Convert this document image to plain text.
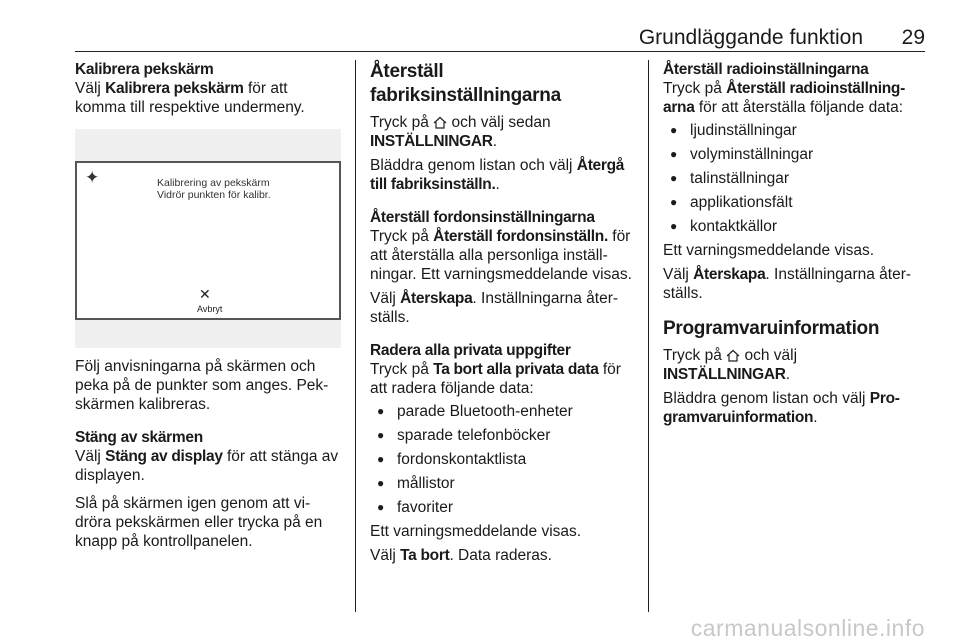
Grundläggande funktion 29

Kalibrera pekskärm

Välj Kalibrera pekskärm för att komma till respektive undermeny.

✦	Kalibrering av pekskärm
Vidrör punkten för kalibr.
✕
Avbryt

Följ anvisningarna på skärmen och peka på de punkter som anges. Pek-skärmen kalibreras.

Stäng av skärmen

Välj Stäng av display för att stänga av displayen.

Slå på skärmen igen genom att vi-dröra pekskärmen eller trycka på en knapp på kontrollpanelen.

Återställ fabriksinställningarna

Tryck på  och välj sedan INSTÄLLNINGAR.

Bläddra genom listan och välj Återgå till fabriksinställn..

Återställ fordonsinställningarna

Tryck på Återställ fordonsinställn. för att återställa alla personliga inställ-ningar. Ett varningsmeddelande visas.

Välj Återskapa. Inställningarna åter-ställs.

Radera alla privata uppgifter

Tryck på Ta bort alla privata data för att radera följande data:

● parade Bluetooth-enheter
● sparade telefonböcker
● fordonskontaktlista
● mållistor
● favoriter

Ett varningsmeddelande visas.

Välj Ta bort. Data raderas.

Återställ radioinställningarna

Tryck på Återställ radioinställning-arna för att återställa följande data:

● ljudinställningar
● volyminställningar
● talinställningar
● applikationsfält
● kontaktkällor

Ett varningsmeddelande visas.

Välj Återskapa. Inställningarna åter-ställs.

Programvaruinformation

Tryck på  och välj INSTÄLLNINGAR.

Bläddra genom listan och välj Pro-gramvaruinformation.

carmanualsonline.info
